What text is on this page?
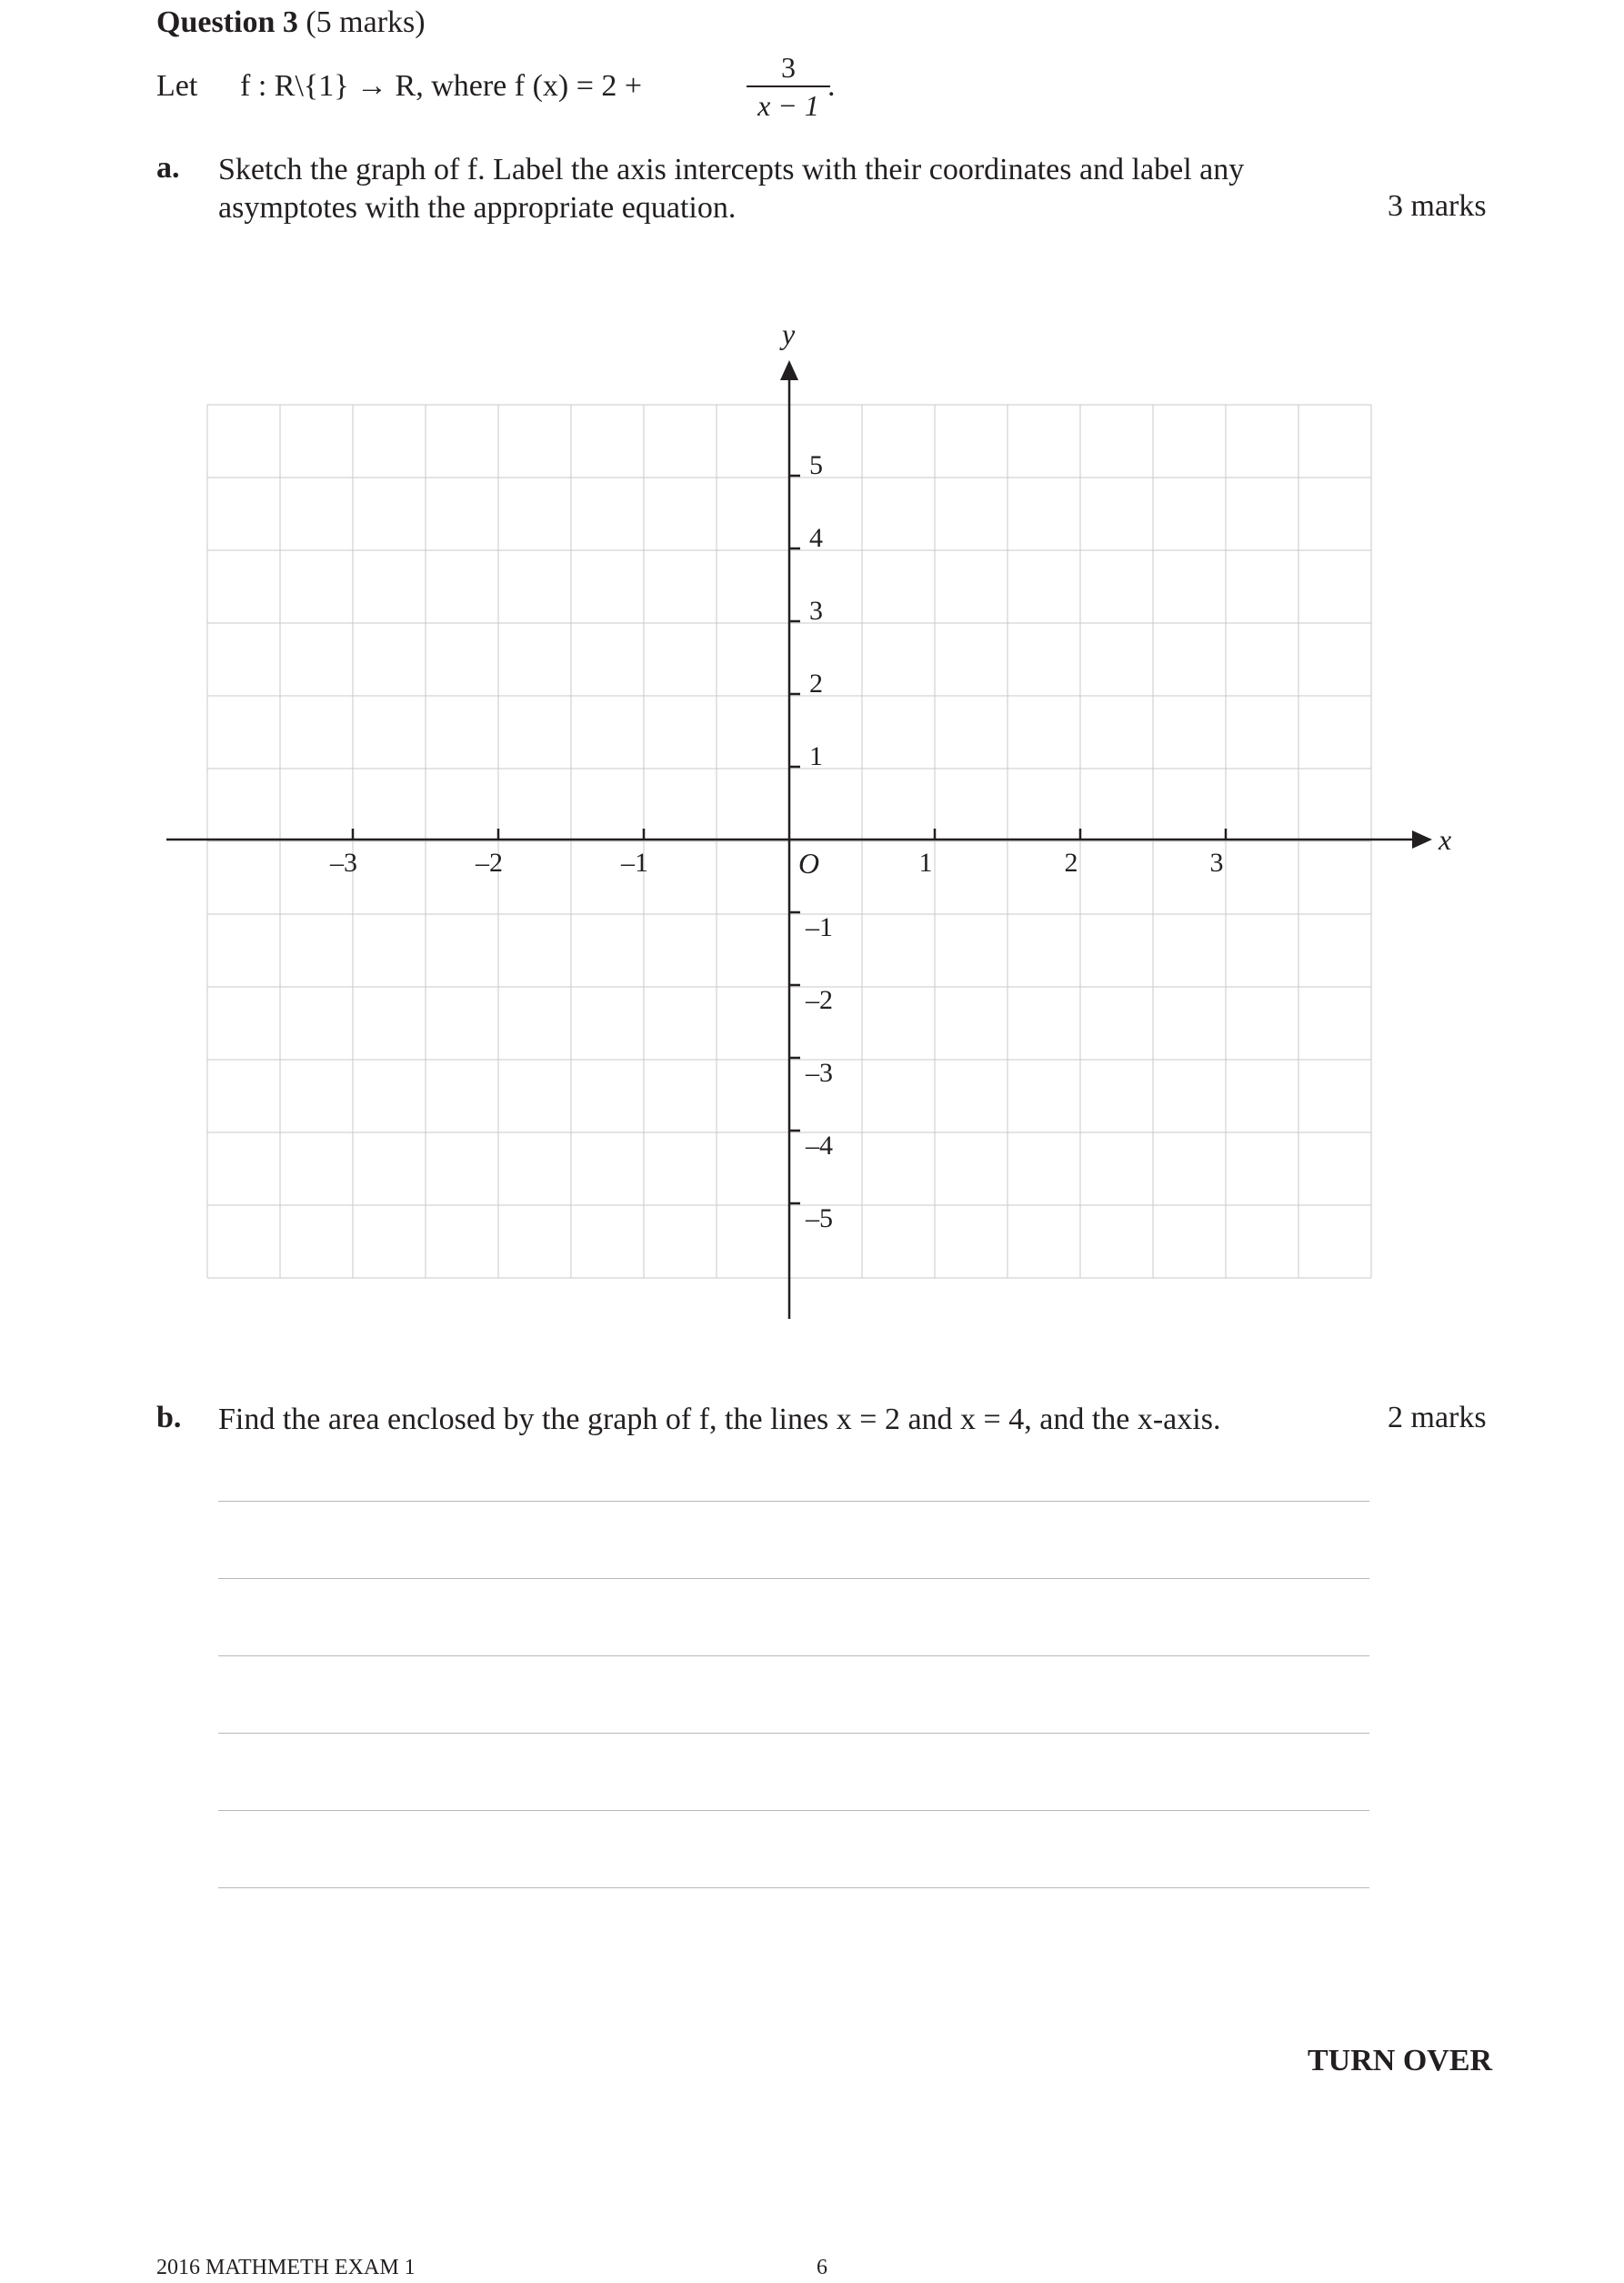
Question 3 (5 marks)
Let f : R\{1} → R, where f (x) = 2 +
3
x − 1
.
a. Sketch the graph of f. Label the axis intercepts with their coordinates and label any
asymptotes with the appropriate equation.	3 marks
x
y
O
–3	–2	–1	1	2	3
5
4
3
2
1
–1
–2
–3
–4
–5
b. Find the area enclosed by the graph of f, the lines x = 2 and x = 4, and the x-axis.	2 marks
TURN OVER
2016 MATHMETH EXAM 1	6
